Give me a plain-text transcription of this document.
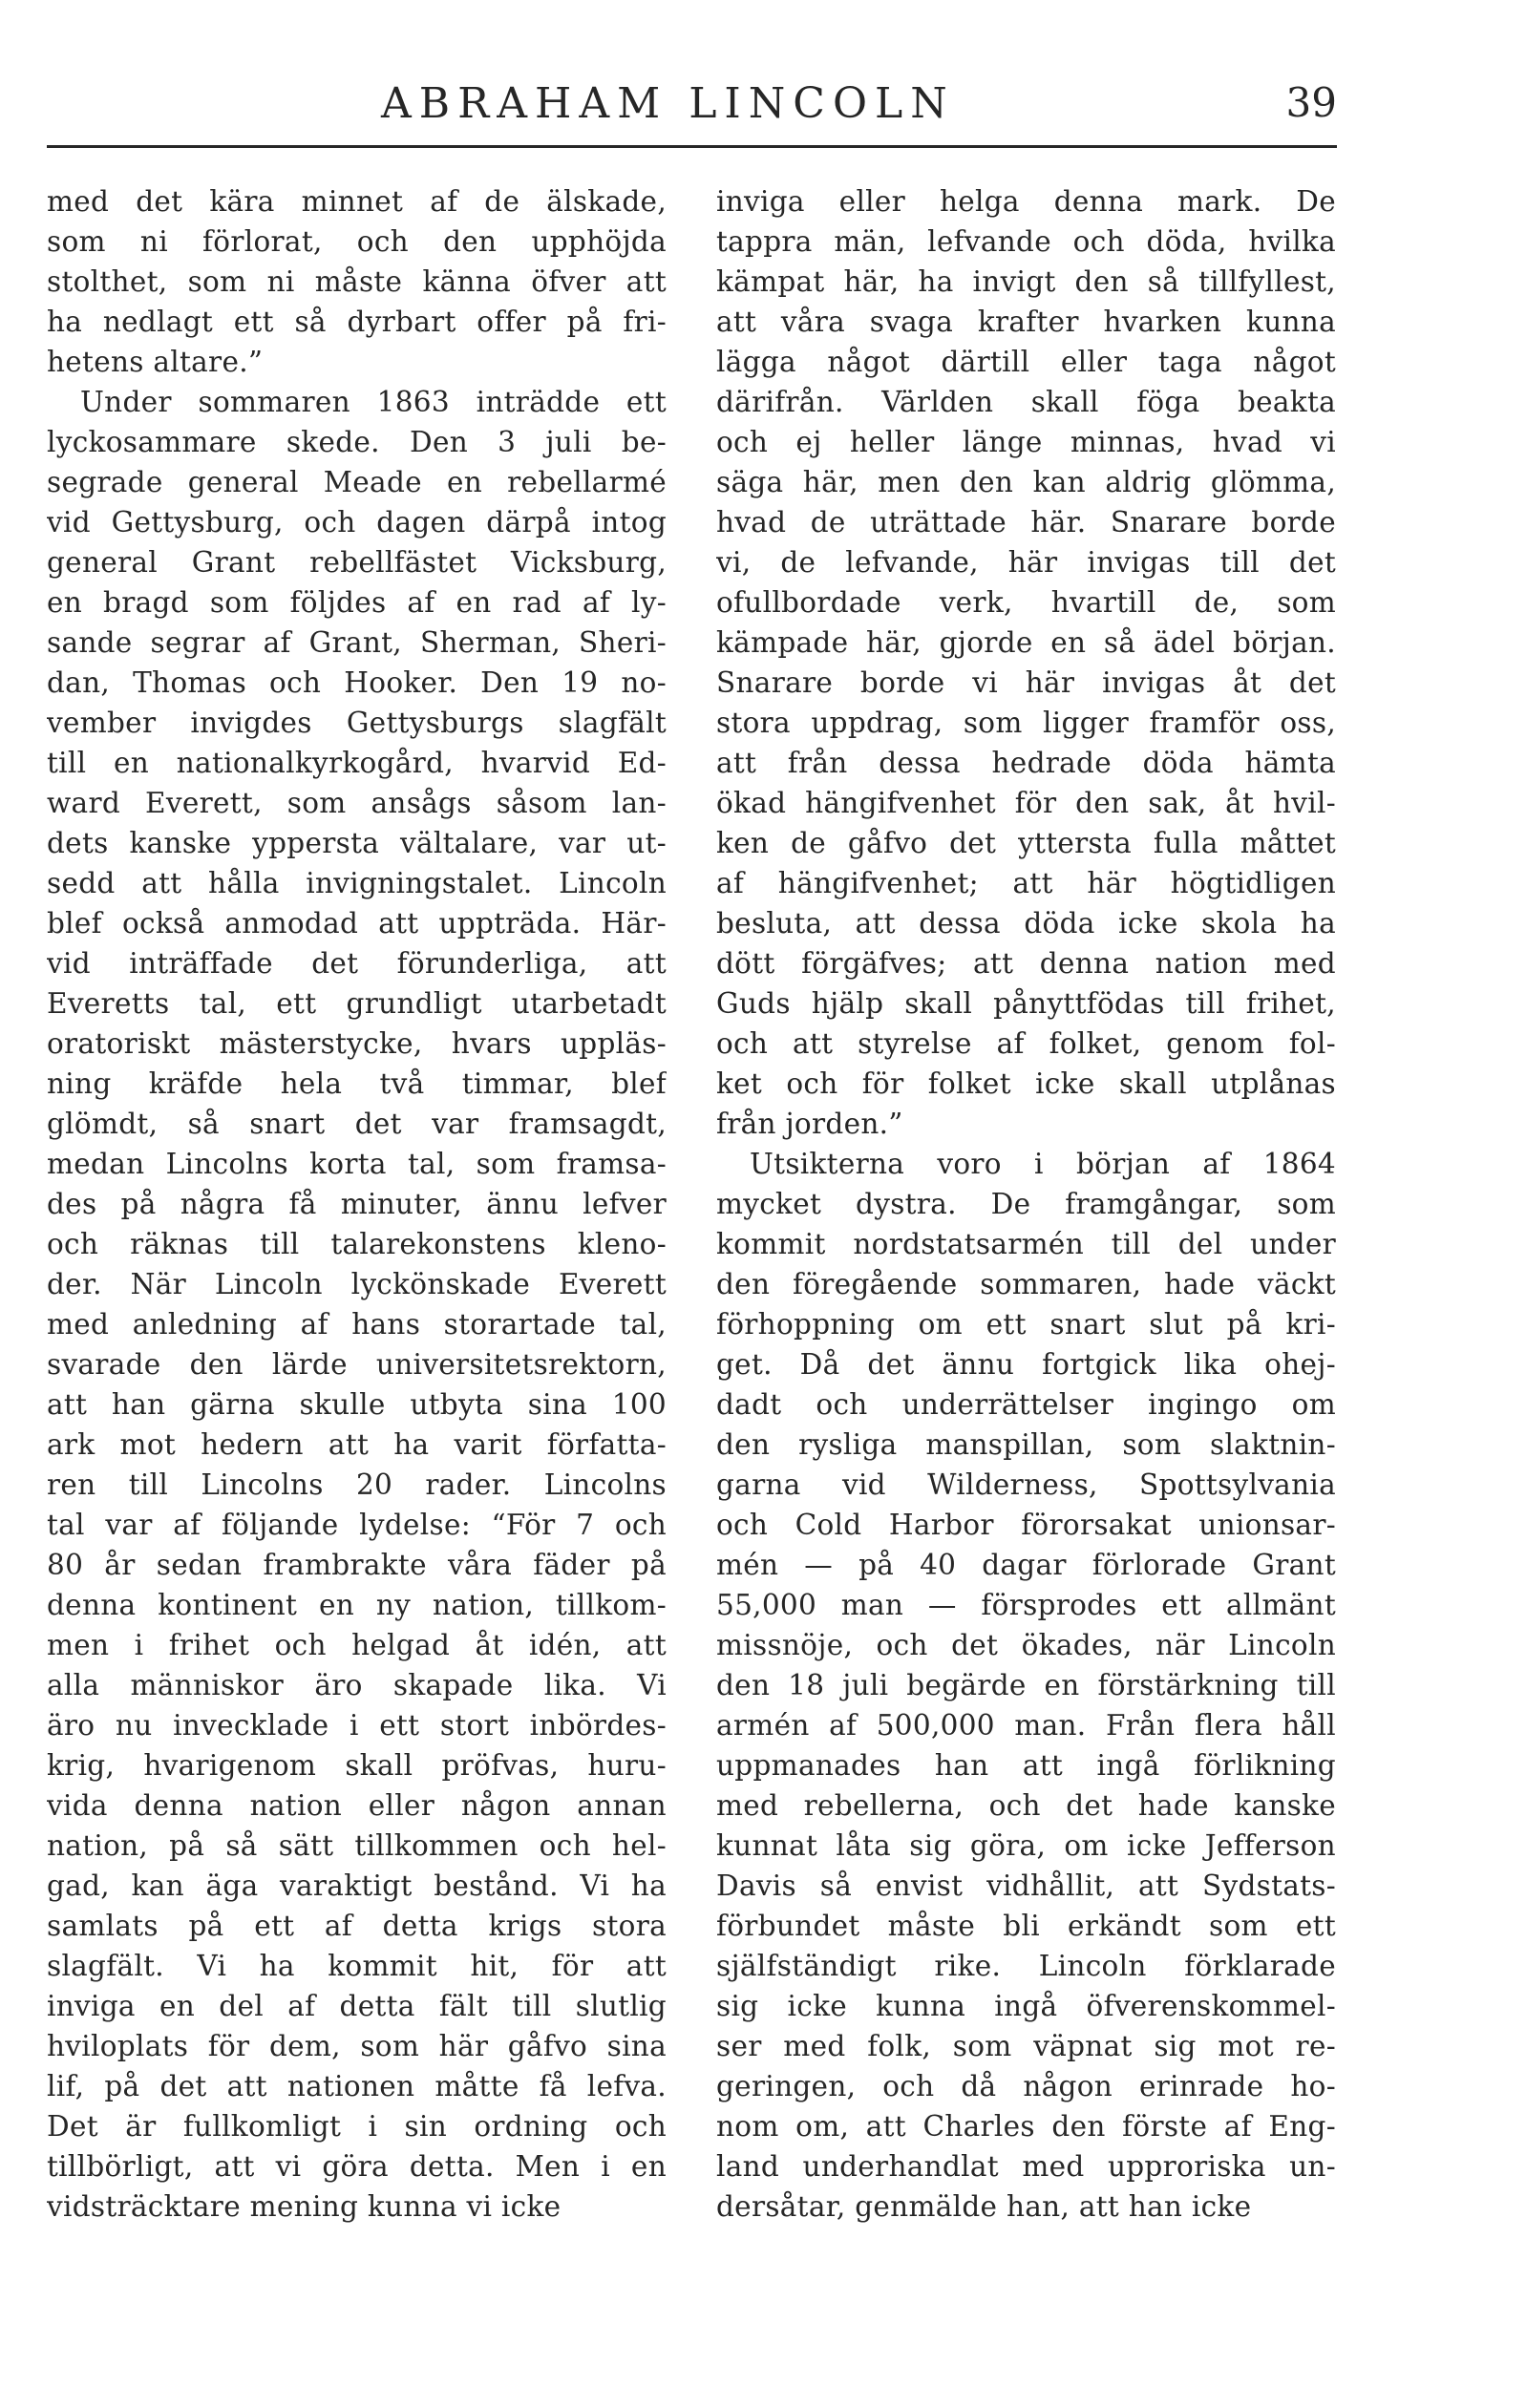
ABRAHAM LINCOLN	39
med det kära minnet af de älskade,
som ni förlorat, och den upphöjda
stolthet, som ni måste känna öfver att
ha nedlagt ett så dyrbart offer på fri-
hetens altare.”
Under sommaren 1863 inträdde ett
lyckosammare skede. Den 3 juli be-
segrade general Meade en rebellarmé
vid Gettysburg, och dagen därpå intog
general Grant rebellfästet Vicksburg,
en bragd som följdes af en rad af ly-
sande segrar af Grant, Sherman, Sheri-
dan, Thomas och Hooker. Den 19 no-
vember invigdes Gettysburgs slagfält
till en nationalkyrkogård, hvarvid Ed-
ward Everett, som ansågs såsom lan-
dets kanske yppersta vältalare, var ut-
sedd att hålla invigningstalet. Lincoln
blef också anmodad att uppträda. Här-
vid inträffade det förunderliga, att
Everetts tal, ett grundligt utarbetadt
oratoriskt mästerstycke, hvars uppläs-
ning kräfde hela två timmar, blef
glömdt, så snart det var framsagdt,
medan Lincolns korta tal, som framsa-
des på några få minuter, ännu lefver
och räknas till talarekonstens kleno-
der. När Lincoln lyckönskade Everett
med anledning af hans storartade tal,
svarade den lärde universitetsrektorn,
att han gärna skulle utbyta sina 100
ark mot hedern att ha varit författa-
ren till Lincolns 20 rader. Lincolns
tal var af följande lydelse: “För 7 och
80 år sedan frambrakte våra fäder på
denna kontinent en ny nation, tillkom-
men i frihet och helgad åt idén, att
alla människor äro skapade lika. Vi
äro nu invecklade i ett stort inbördes-
krig, hvarigenom skall pröfvas, huru-
vida denna nation eller någon annan
nation, på så sätt tillkommen och hel-
gad, kan äga varaktigt bestånd. Vi ha
samlats på ett af detta krigs stora
slagfält. Vi ha kommit hit, för att
inviga en del af detta fält till slutlig
hviloplats för dem, som här gåfvo sina
lif, på det att nationen måtte få lefva.
Det är fullkomligt i sin ordning och
tillbörligt, att vi göra detta. Men i en
vidsträcktare mening kunna vi icke
inviga eller helga denna mark. De
tappra män, lefvande och döda, hvilka
kämpat här, ha invigt den så tillfyllest,
att våra svaga krafter hvarken kunna
lägga något därtill eller taga något
därifrån. Världen skall föga beakta
och ej heller länge minnas, hvad vi
säga här, men den kan aldrig glömma,
hvad de uträttade här. Snarare borde
vi, de lefvande, här invigas till det
ofullbordade verk, hvartill de, som
kämpade här, gjorde en så ädel början.
Snarare borde vi här invigas åt det
stora uppdrag, som ligger framför oss,
att från dessa hedrade döda hämta
ökad hängifvenhet för den sak, åt hvil-
ken de gåfvo det yttersta fulla måttet
af hängifvenhet; att här högtidligen
besluta, att dessa döda icke skola ha
dött förgäfves; att denna nation med
Guds hjälp skall pånyttfödas till frihet,
och att styrelse af folket, genom fol-
ket och för folket icke skall utplånas
från jorden.”
Utsikterna voro i början af 1864
mycket dystra. De framgångar, som
kommit nordstatsarmén till del under
den föregående sommaren, hade väckt
förhoppning om ett snart slut på kri-
get. Då det ännu fortgick lika ohej-
dadt och underrättelser ingingo om
den rysliga manspillan, som slaktnin-
garna vid Wilderness, Spottsylvania
och Cold Harbor förorsakat unionsar-
mén — på 40 dagar förlorade Grant
55,000 man — försprodes ett allmänt
missnöje, och det ökades, när Lincoln
den 18 juli begärde en förstärkning till
armén af 500,000 man. Från flera håll
uppmanades han att ingå förlikning
med rebellerna, och det hade kanske
kunnat låta sig göra, om icke Jefferson
Davis så envist vidhållit, att Sydstats-
förbundet måste bli erkändt som ett
själfständigt rike. Lincoln förklarade
sig icke kunna ingå öfverenskommel-
ser med folk, som väpnat sig mot re-
geringen, och då någon erinrade ho-
nom om, att Charles den förste af Eng-
land underhandlat med upproriska un-
dersåtar, genmälde han, att han icke
